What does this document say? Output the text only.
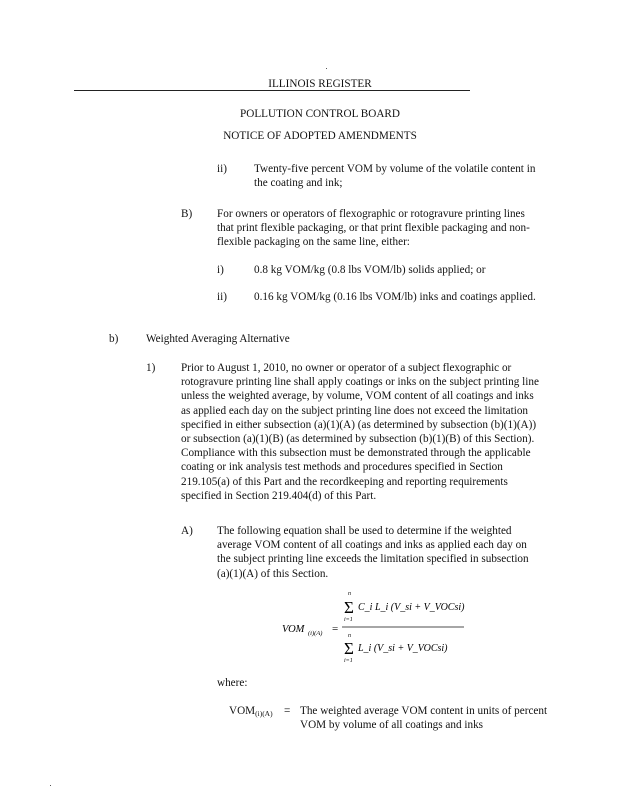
ILLINOIS REGISTER

POLLUTION CONTROL BOARD

NOTICE OF ADOPTED AMENDMENTS

ii) Twenty-five percent VOM by volume of the volatile content in the coating and ink;

B) For owners or operators of flexographic or rotogravure printing lines that print flexible packaging, or that print flexible packaging and non-flexible packaging on the same line, either:

i)	0.8 kg VOM/kg (0.8 lbs VOM/lb) solids applied; or

ii) 0.16 kg VOM/kg (0.16 lbs VOM/lb) inks and coatings applied.

b) Weighted Averaging Alternative

1) Prior to August 1, 2010, no owner or operator of a subject flexographic or rotogravure printing line shall apply coatings or inks on the subject printing line unless the weighted average, by volume, VOM content of all coatings and inks as applied each day on the subject printing line does not exceed the limitation specified in either subsection (a)(1)(A) (as determined by subsection (b)(1)(A)) or subsection (a)(1)(B) (as determined by subsection (b)(1)(B) of this Section). Compliance with this subsection must be demonstrated through the applicable coating or ink analysis test methods and procedures specified in Section 219.105(a) of this Part and the recordkeeping and reporting requirements specified in Section 219.404(d) of this Part.

A) The following equation shall be used to determine if the weighted average VOM content of all coatings and inks as applied each day on the subject printing line exceeds the limitation specified in subsection (a)(1)(A) of this Section.

VOM (i)(A) =
n
Σ
i=1
C_i L_i (V_si + V_VOCsi)
n
Σ
i=1
L_i (V_si + V_VOCsi)

where:

$VOM_{(i)(A)}$ = The weighted average VOM content in units of percent VOM by volume of all coatings and inks
